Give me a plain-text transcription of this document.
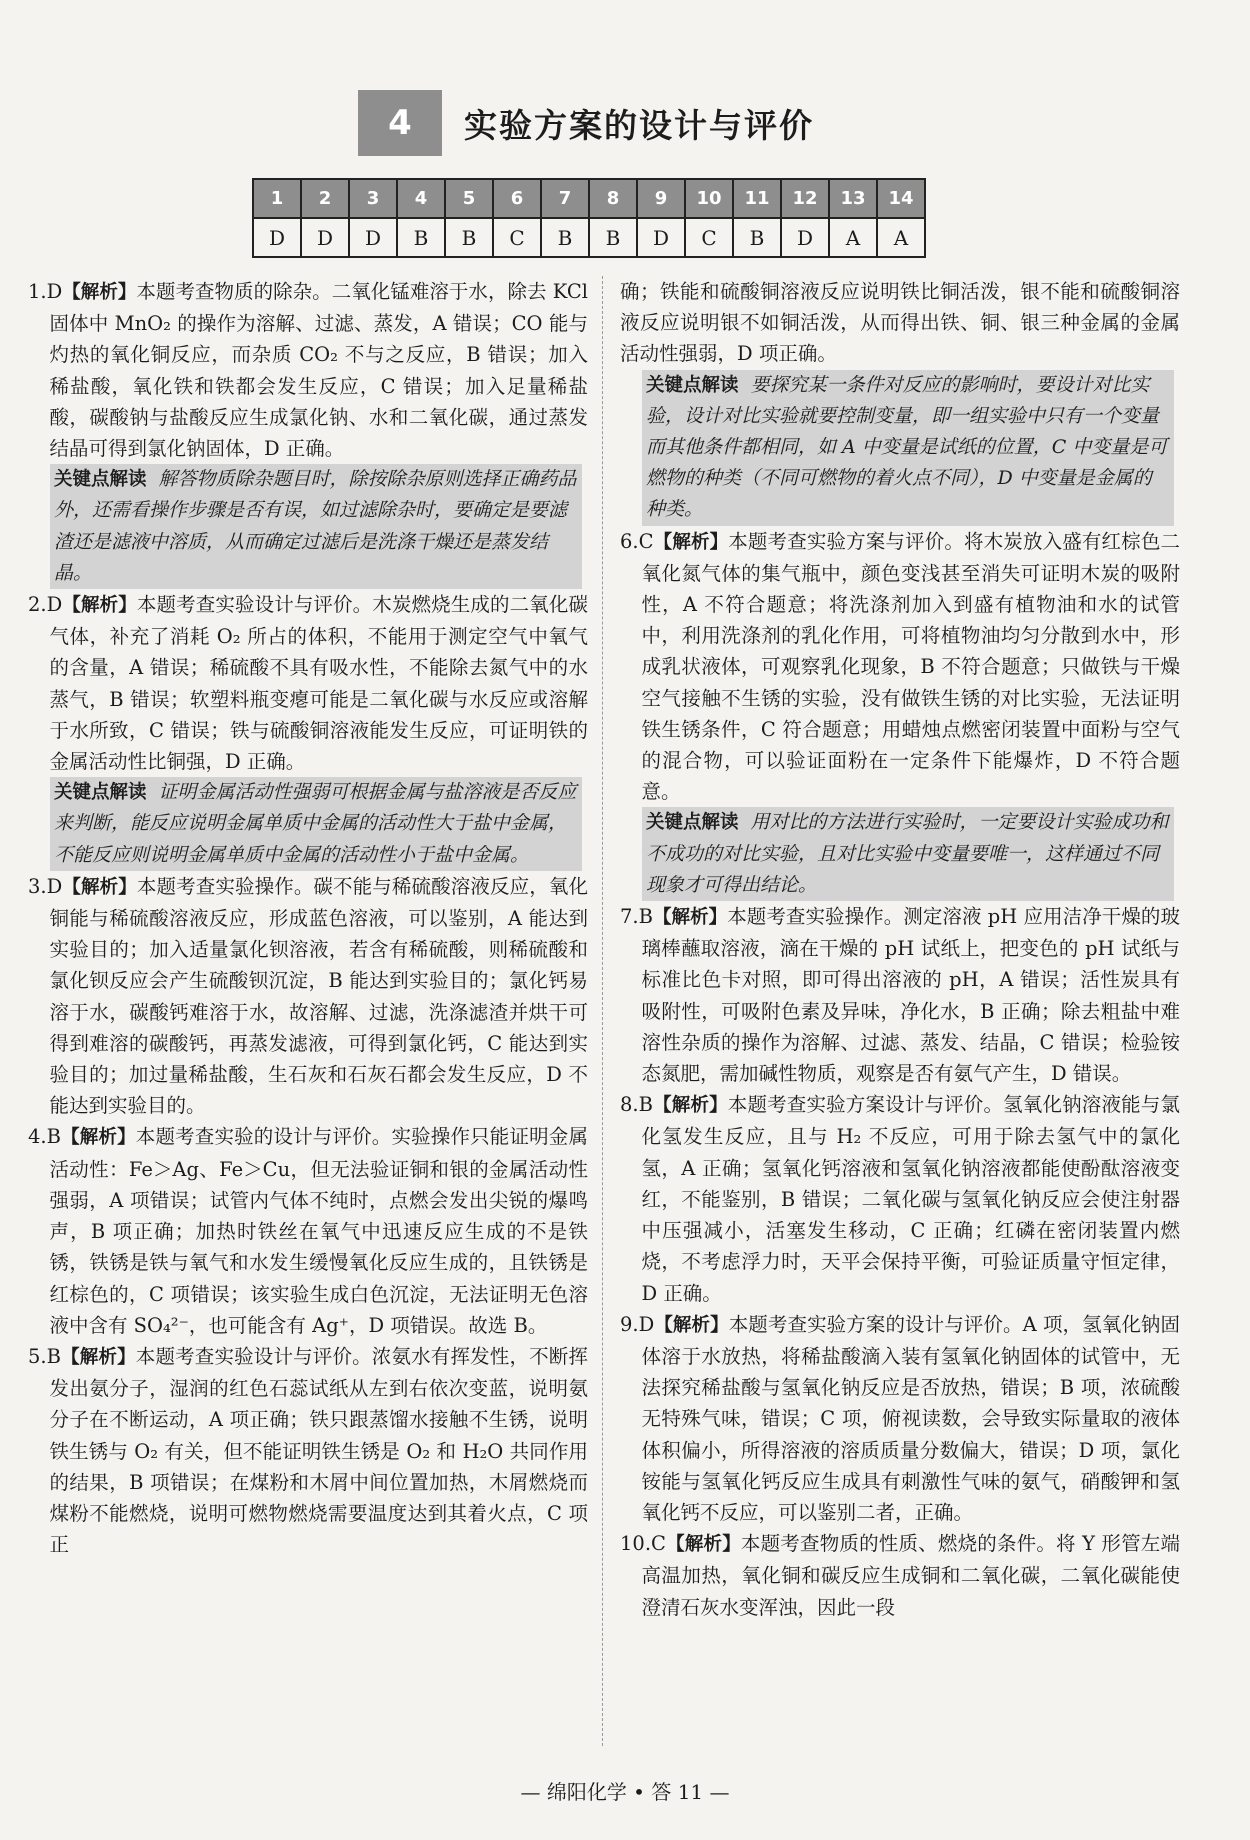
4	实验方案的设计与评价
1	2	3	4	5	6	7	8	9	10	11	12	13	14
D	D	D	B	B	C	B	B	D	C	B	D	A	A

1.D【解析】本题考查物质的除杂。二氧化锰难溶于水，除去 KCl 固体中 MnO₂ 的操作为溶解、过滤、蒸发，A 错误；CO 能与灼热的氧化铜反应，而杂质 CO₂ 不与之反应，B 错误；加入稀盐酸，氧化铁和铁都会发生反应，C 错误；加入足量稀盐酸，碳酸钠与盐酸反应生成氯化钠、水和二氧化碳，通过蒸发结晶可得到氯化钠固体，D 正确。

关键点解读 解答物质除杂题目时，除按除杂原则选择正确药品外，还需看操作步骤是否有误，如过滤除杂时，要确定是要滤渣还是滤液中溶质，从而确定过滤后是洗涤干燥还是蒸发结晶。

2.D【解析】本题考查实验设计与评价。木炭燃烧生成的二氧化碳气体，补充了消耗 O₂ 所占的体积，不能用于测定空气中氧气的含量，A 错误；稀硫酸不具有吸水性，不能除去氮气中的水蒸气，B 错误；软塑料瓶变瘪可能是二氧化碳与水反应或溶解于水所致，C 错误；铁与硫酸铜溶液能发生反应，可证明铁的金属活动性比铜强，D 正确。

关键点解读 证明金属活动性强弱可根据金属与盐溶液是否反应来判断，能反应说明金属单质中金属的活动性大于盐中金属，不能反应则说明金属单质中金属的活动性小于盐中金属。

3.D【解析】本题考查实验操作。碳不能与稀硫酸溶液反应，氧化铜能与稀硫酸溶液反应，形成蓝色溶液，可以鉴别，A 能达到实验目的；加入适量氯化钡溶液，若含有稀硫酸，则稀硫酸和氯化钡反应会产生硫酸钡沉淀，B 能达到实验目的；氯化钙易溶于水，碳酸钙难溶于水，故溶解、过滤，洗涤滤渣并烘干可得到难溶的碳酸钙，再蒸发滤液，可得到氯化钙，C 能达到实验目的；加过量稀盐酸，生石灰和石灰石都会发生反应，D 不能达到实验目的。

4.B【解析】本题考查实验的设计与评价。实验操作只能证明金属活动性：Fe＞Ag、Fe＞Cu，但无法验证铜和银的金属活动性强弱，A 项错误；试管内气体不纯时，点燃会发出尖锐的爆鸣声，B 项正确；加热时铁丝在氧气中迅速反应生成的不是铁锈，铁锈是铁与氧气和水发生缓慢氧化反应生成的，且铁锈是红棕色的，C 项错误；该实验生成白色沉淀，无法证明无色溶液中含有 SO₄²⁻，也可能含有 Ag⁺，D 项错误。故选 B。

5.B【解析】本题考查实验设计与评价。浓氨水有挥发性，不断挥发出氨分子，湿润的红色石蕊试纸从左到右依次变蓝，说明氨分子在不断运动，A 项正确；铁只跟蒸馏水接触不生锈，说明铁生锈与 O₂ 有关，但不能证明铁生锈是 O₂ 和 H₂O 共同作用的结果，B 项错误；在煤粉和木屑中间位置加热，木屑燃烧而煤粉不能燃烧，说明可燃物燃烧需要温度达到其着火点，C 项正

确；铁能和硫酸铜溶液反应说明铁比铜活泼，银不能和硫酸铜溶液反应说明银不如铜活泼，从而得出铁、铜、银三种金属的金属活动性强弱，D 项正确。

关键点解读 要探究某一条件对反应的影响时，要设计对比实验，设计对比实验就要控制变量，即一组实验中只有一个变量而其他条件都相同，如 A 中变量是试纸的位置，C 中变量是可燃物的种类（不同可燃物的着火点不同），D 中变量是金属的种类。

6.C【解析】本题考查实验方案与评价。将木炭放入盛有红棕色二氧化氮气体的集气瓶中，颜色变浅甚至消失可证明木炭的吸附性，A 不符合题意；将洗涤剂加入到盛有植物油和水的试管中，利用洗涤剂的乳化作用，可将植物油均匀分散到水中，形成乳状液体，可观察乳化现象，B 不符合题意；只做铁与干燥空气接触不生锈的实验，没有做铁生锈的对比实验，无法证明铁生锈条件，C 符合题意；用蜡烛点燃密闭装置中面粉与空气的混合物，可以验证面粉在一定条件下能爆炸，D 不符合题意。

关键点解读 用对比的方法进行实验时，一定要设计实验成功和不成功的对比实验，且对比实验中变量要唯一，这样通过不同现象才可得出结论。

7.B【解析】本题考查实验操作。测定溶液 pH 应用洁净干燥的玻璃棒蘸取溶液，滴在干燥的 pH 试纸上，把变色的 pH 试纸与标准比色卡对照，即可得出溶液的 pH，A 错误；活性炭具有吸附性，可吸附色素及异味，净化水，B 正确；除去粗盐中难溶性杂质的操作为溶解、过滤、蒸发、结晶，C 错误；检验铵态氮肥，需加碱性物质，观察是否有氨气产生，D 错误。

8.B【解析】本题考查实验方案设计与评价。氢氧化钠溶液能与氯化氢发生反应，且与 H₂ 不反应，可用于除去氢气中的氯化氢，A 正确；氢氧化钙溶液和氢氧化钠溶液都能使酚酞溶液变红，不能鉴别，B 错误；二氧化碳与氢氧化钠反应会使注射器中压强减小，活塞发生移动，C 正确；红磷在密闭装置内燃烧，不考虑浮力时，天平会保持平衡，可验证质量守恒定律，D 正确。

9.D【解析】本题考查实验方案的设计与评价。A 项，氢氧化钠固体溶于水放热，将稀盐酸滴入装有氢氧化钠固体的试管中，无法探究稀盐酸与氢氧化钠反应是否放热，错误；B 项，浓硫酸无特殊气味，错误；C 项，俯视读数，会导致实际量取的液体体积偏小，所得溶液的溶质质量分数偏大，错误；D 项，氯化铵能与氢氧化钙反应生成具有刺激性气味的氨气，硝酸钾和氢氧化钙不反应，可以鉴别二者，正确。

10.C【解析】本题考查物质的性质、燃烧的条件。将 Y 形管左端高温加热，氧化铜和碳反应生成铜和二氧化碳，二氧化碳能使澄清石灰水变浑浊，因此一段

— 绵阳化学 • 答 11 —
